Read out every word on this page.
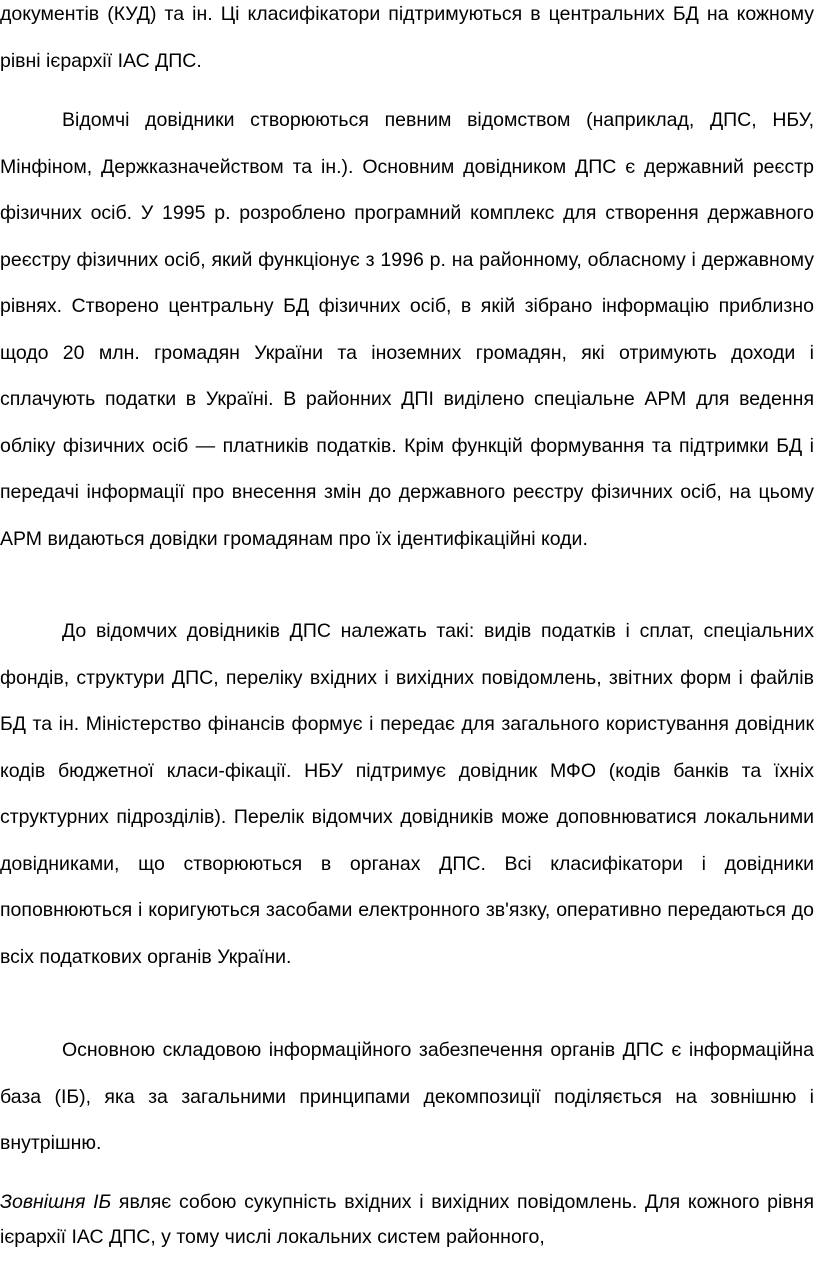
документів (КУД) та ін. Ці класифікатори підтримуються в центральних БД на кожному рівні ієрархії ІАС ДПС.

Відомчі довідники створюються певним відомством (наприклад, ДПС, НБУ, Мінфіном, Держказначейством та ін.). Основним довідником ДПС є державний реєстр фізичних осіб. У 1995 р. розроблено програмний комплекс для створення державного реєстру фізичних осіб, який функціонує з 1996 р. на районному, обласному і державному рівнях. Створено центральну БД фізичних осіб, в якій зібрано інформацію приблизно щодо 20 млн. громадян України та іноземних громадян, які отримують доходи і сплачують податки в Україні. В районних ДПІ виділено спеціальне АРМ для ведення обліку фізичних осіб — платників податків. Крім функцій формування та підтримки БД і передачі інформації про внесення змін до державного реєстру фізичних осіб, на цьому АРМ видаються довідки громадянам про їх ідентифікаційні коди.

До відомчих довідників ДПС належать такі: видів податків і сплат, спеціальних фондів, структури ДПС, переліку вхідних і вихідних повідомлень, звітних форм і файлів БД та ін. Міністерство фінансів формує і передає для загального користування довідник кодів бюджетної класи-фікації. НБУ підтримує довідник МФО (кодів банків та їхніх структурних підрозділів). Перелік відомчих довідників може доповнюватися локальними довідниками, що створюються в органах ДПС. Всі класифікатори і довідники поповнюються і коригуються засобами електронного зв'язку, оперативно передаються до всіх податкових органів України.

Основною складовою інформаційного забезпечення органів ДПС є інформаційна база (ІБ), яка за загальними принципами декомпозиції поділяється на зовнішню і внутрішню.

Зовнішня ІБ являє собою сукупність вхідних і вихідних повідомлень. Для кожного рівня ієрархії ІАС ДПС, у тому числі локальних систем районного,
